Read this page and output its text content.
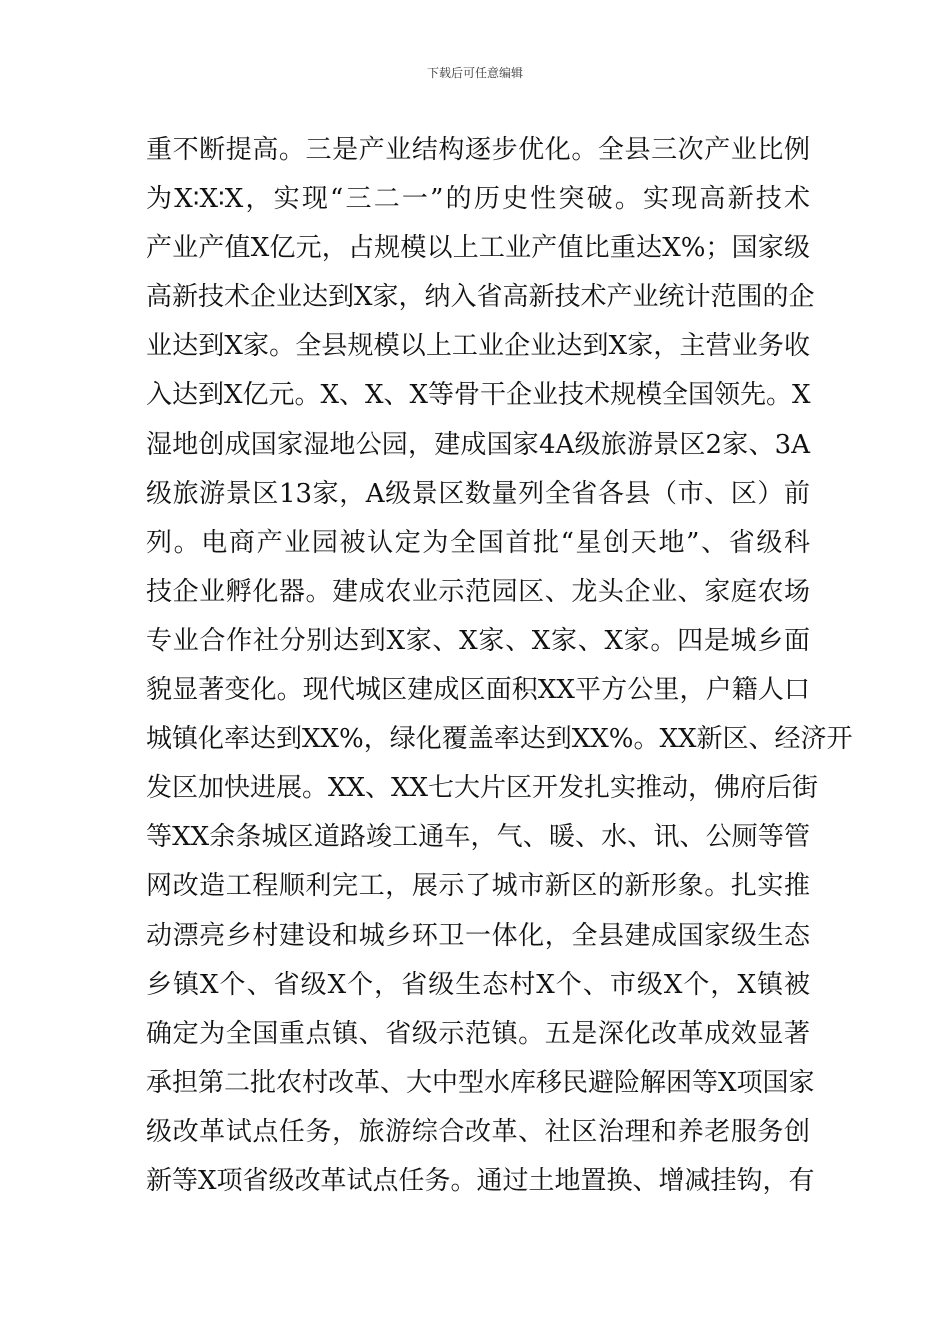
下载后可任意编辑
重不断提高。三是产业结构逐步优化。全县三次产业比例
为X∶X∶X，实现“三二一”的历史性突破。实现高新技术
产业产值X亿元，占规模以上工业产值比重达X%；国家级
高新技术企业达到X家，纳入省高新技术产业统计范围的企
业达到X家。全县规模以上工业企业达到X家，主营业务收
入达到X亿元。X、X、X等骨干企业技术规模全国领先。X
湿地创成国家湿地公园，建成国家4A级旅游景区2家、3A
级旅游景区13家，A级景区数量列全省各县（市、区）前
列。电商产业园被认定为全国首批“星创天地”、省级科
技企业孵化器。建成农业示范园区、龙头企业、家庭农场
专业合作社分别达到X家、X家、X家、X家。四是城乡面
貌显著变化。现代城区建成区面积XX平方公里，户籍人口
城镇化率达到XX%，绿化覆盖率达到XX%。XX新区、经济开
发区加快进展。XX、XX七大片区开发扎实推动，佛府后街
等XX余条城区道路竣工通车，气、暖、水、讯、公厕等管
网改造工程顺利完工，展示了城市新区的新形象。扎实推
动漂亮乡村建设和城乡环卫一体化，全县建成国家级生态
乡镇X个、省级X个，省级生态村X个、市级X个，X镇被
确定为全国重点镇、省级示范镇。五是深化改革成效显著
承担第二批农村改革、大中型水库移民避险解困等X项国家
级改革试点任务，旅游综合改革、社区治理和养老服务创
新等X项省级改革试点任务。通过土地置换、增减挂钩，有
